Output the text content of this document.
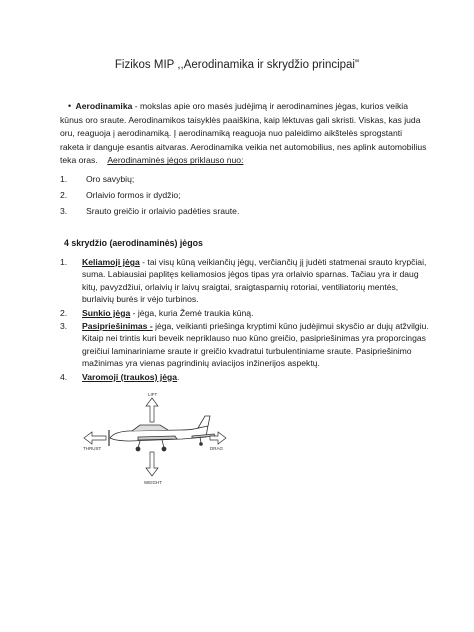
Fizikos MIP ,,Aerodinamika ir skrydžio principai"
• Aerodinamika - mokslas apie oro masės judėjimą ir aerodinamines jėgas, kurios veikia kūnus oro sraute. Aerodinamikos taisyklės paaiškina, kaip lėktuvas gali skristi. Viskas, kas juda oru, reaguoja į aerodinamiką. Į aerodinamiką reaguoja nuo paleidimo aikštelės sprogstanti raketa ir danguje esantis aitvaras. Aerodinamika veikia net automobilius, nes aplink automobilius teka oras. Aerodinaminės jėgos priklauso nuo:
1.	Oro savybių;
2.	Orlaivio formos ir dydžio;
3.	Srauto greičio ir orlaivio padėties sraute.
4 skrydžio (aerodinaminės) jėgos
1.	Keliamoji jėga - tai visų kūną veikiančių jėgų, verčiančių jį judėti statmenai srauto krypčiai, suma. Labiausiai paplitęs keliamosios jėgos tipas yra orlaivio sparnas. Tačiau yra ir daug kitų, pavyzdžiui, orlaivių ir laivų sraigtai, sraigtasparnių rotoriai, ventiliatorių mentės, burlaivių burės ir vėjo turbinos.
2.	Sunkio jėga - jėga, kuria Žemė traukia kūną.
3.	Pasipriešinimas - jėga, veikianti priešinga kryptimi kūno judėjimui skysčio ar dujų atžvilgiu. Kitaip nei trintis kuri beveik nepriklauso nuo kūno greičio, pasipriešinimas yra proporcingas greičiui laminariniame sraute ir greičio kvadratui turbulentiniame sraute. Pasipriešinimo mažinimas yra vienas pagrindinių aviacijos inžinerijos aspektų.
4.	Varomoji (traukos) jėga.
LIFT
WEIGHT
THRUST	DRAG
